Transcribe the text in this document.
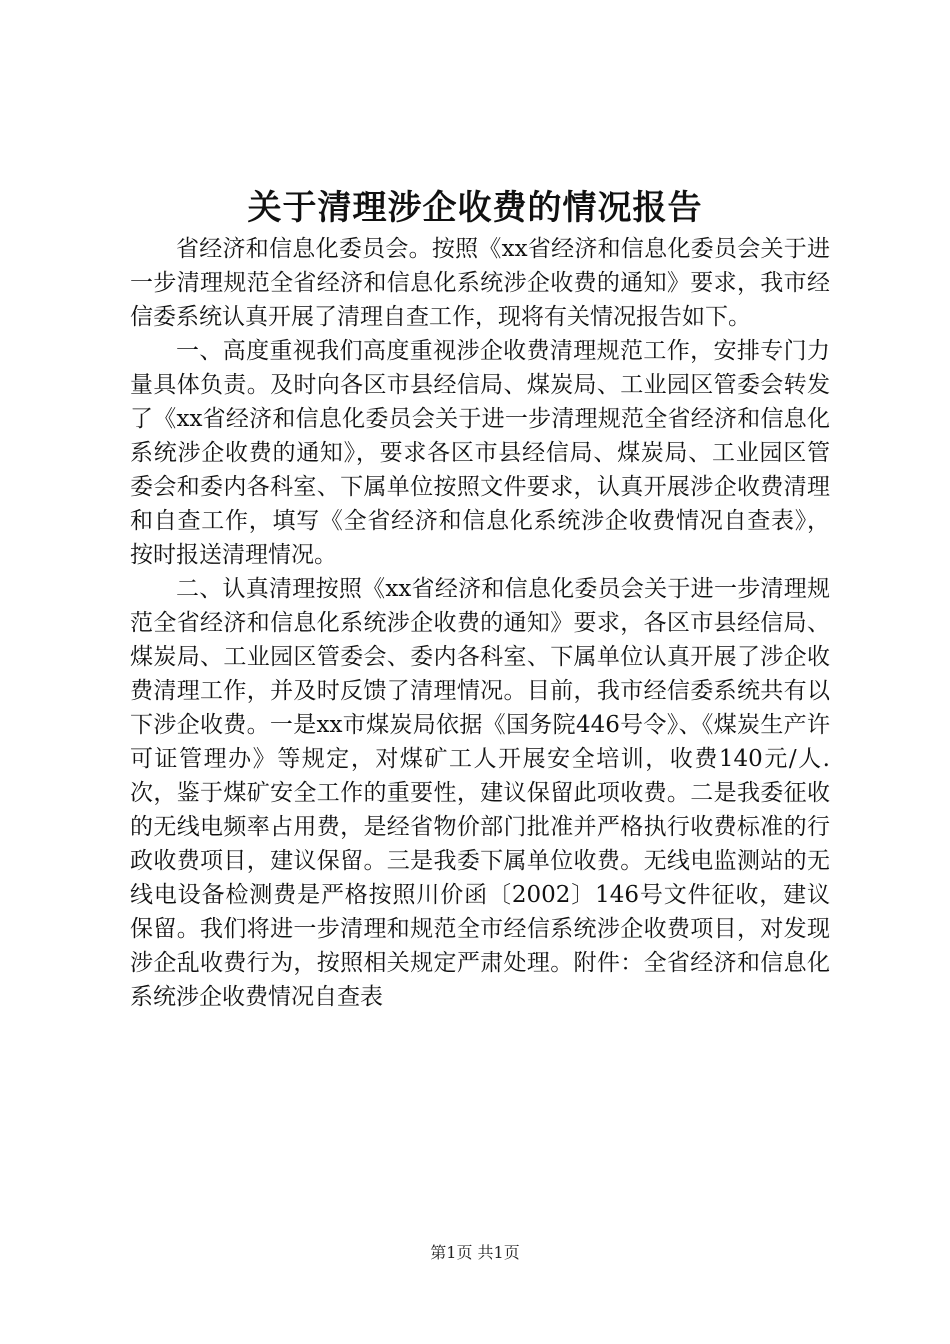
关于清理涉企收费的情况报告

省经济和信息化委员会。按照《xx省经济和信息化委员会关于进一步清理规范全省经济和信息化系统涉企收费的通知》要求，我市经信委系统认真开展了清理自查工作，现将有关情况报告如下。

一、高度重视我们高度重视涉企收费清理规范工作，安排专门力量具体负责。及时向各区市县经信局、煤炭局、工业园区管委会转发了《xx省经济和信息化委员会关于进一步清理规范全省经济和信息化系统涉企收费的通知》，要求各区市县经信局、煤炭局、工业园区管委会和委内各科室、下属单位按照文件要求，认真开展涉企收费清理和自查工作，填写《全省经济和信息化系统涉企收费情况自查表》，按时报送清理情况。

二、认真清理按照《xx省经济和信息化委员会关于进一步清理规范全省经济和信息化系统涉企收费的通知》要求，各区市县经信局、煤炭局、工业园区管委会、委内各科室、下属单位认真开展了涉企收费清理工作，并及时反馈了清理情况。目前，我市经信委系统共有以下涉企收费。一是xx市煤炭局依据《国务院446号令》、《煤炭生产许可证管理办》等规定，对煤矿工人开展安全培训，收费140元/人.次，鉴于煤矿安全工作的重要性，建议保留此项收费。二是我委征收的无线电频率占用费，是经省物价部门批准并严格执行收费标准的行政收费项目，建议保留。三是我委下属单位收费。无线电监测站的无线电设备检测费是严格按照川价函〔2002〕146号文件征收，建议保留。我们将进一步清理和规范全市经信系统涉企收费项目，对发现涉企乱收费行为，按照相关规定严肃处理。附件：全省经济和信息化系统涉企收费情况自查表

第1页 共1页
